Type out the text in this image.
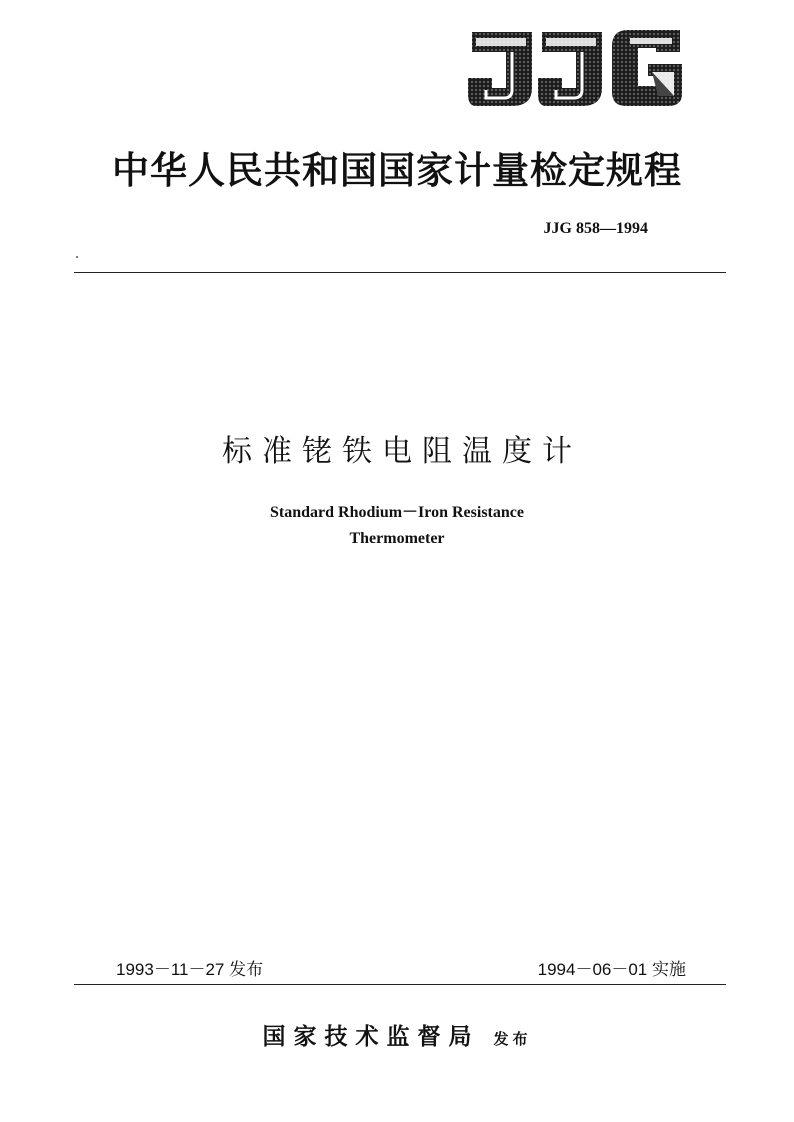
中华人民共和国国家计量检定规程
JJG 858—1994
标准铑铁电阻温度计
Standard Rhodium－Iron Resistance
Thermometer
1993－11－27 发布	1994－06－01 实施
国家技术监督局 发布
